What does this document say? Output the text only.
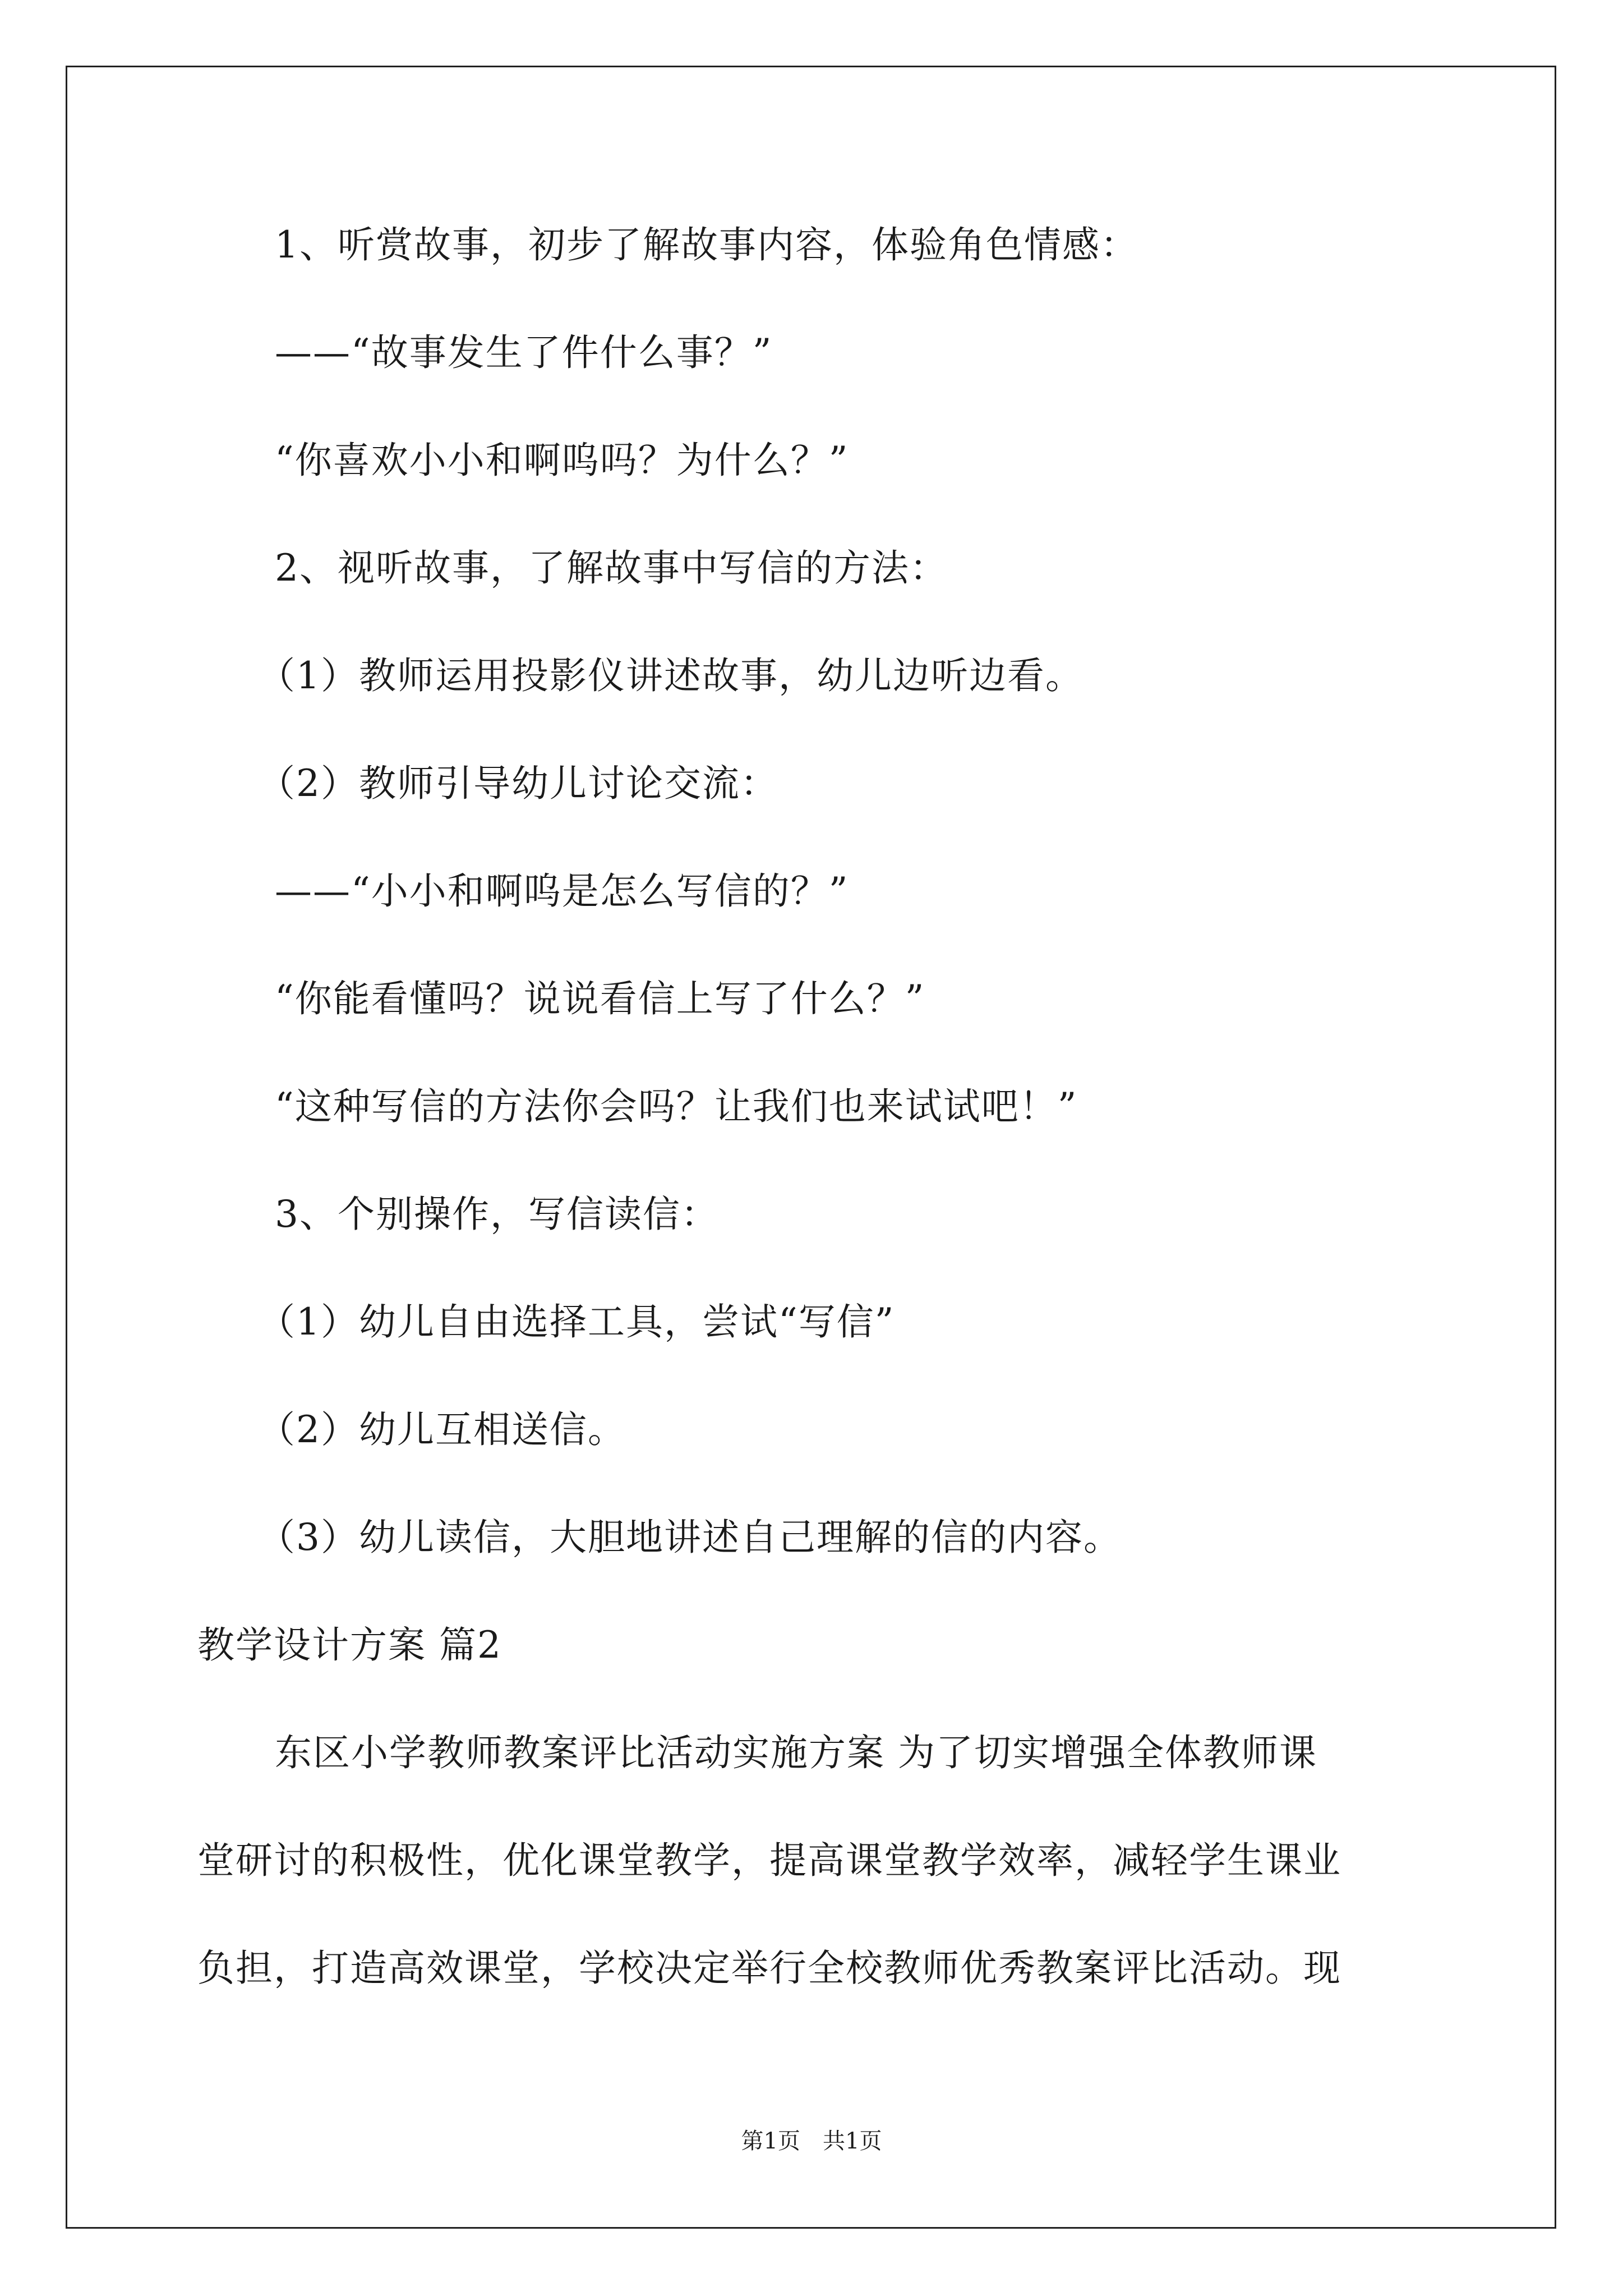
1、听赏故事，初步了解故事内容，体验角色情感：
——“故事发生了件什么事？”
“你喜欢小小和啊呜吗？为什么？”
2、视听故事，了解故事中写信的方法：
（1）教师运用投影仪讲述故事，幼儿边听边看。
（2）教师引导幼儿讨论交流：
——“小小和啊呜是怎么写信的？”
“你能看懂吗？说说看信上写了什么？”
“这种写信的方法你会吗？让我们也来试试吧！”
3、个别操作，写信读信：
（1）幼儿自由选择工具，尝试“写信”
（2）幼儿互相送信。
（3）幼儿读信，大胆地讲述自己理解的信的内容。
教学设计方案 篇2
东区小学教师教案评比活动实施方案 为了切实增强全体教师课
堂研讨的积极性，优化课堂教学，提高课堂教学效率，减轻学生课业
负担，打造高效课堂，学校决定举行全校教师优秀教案评比活动。现
第1页 共1页
